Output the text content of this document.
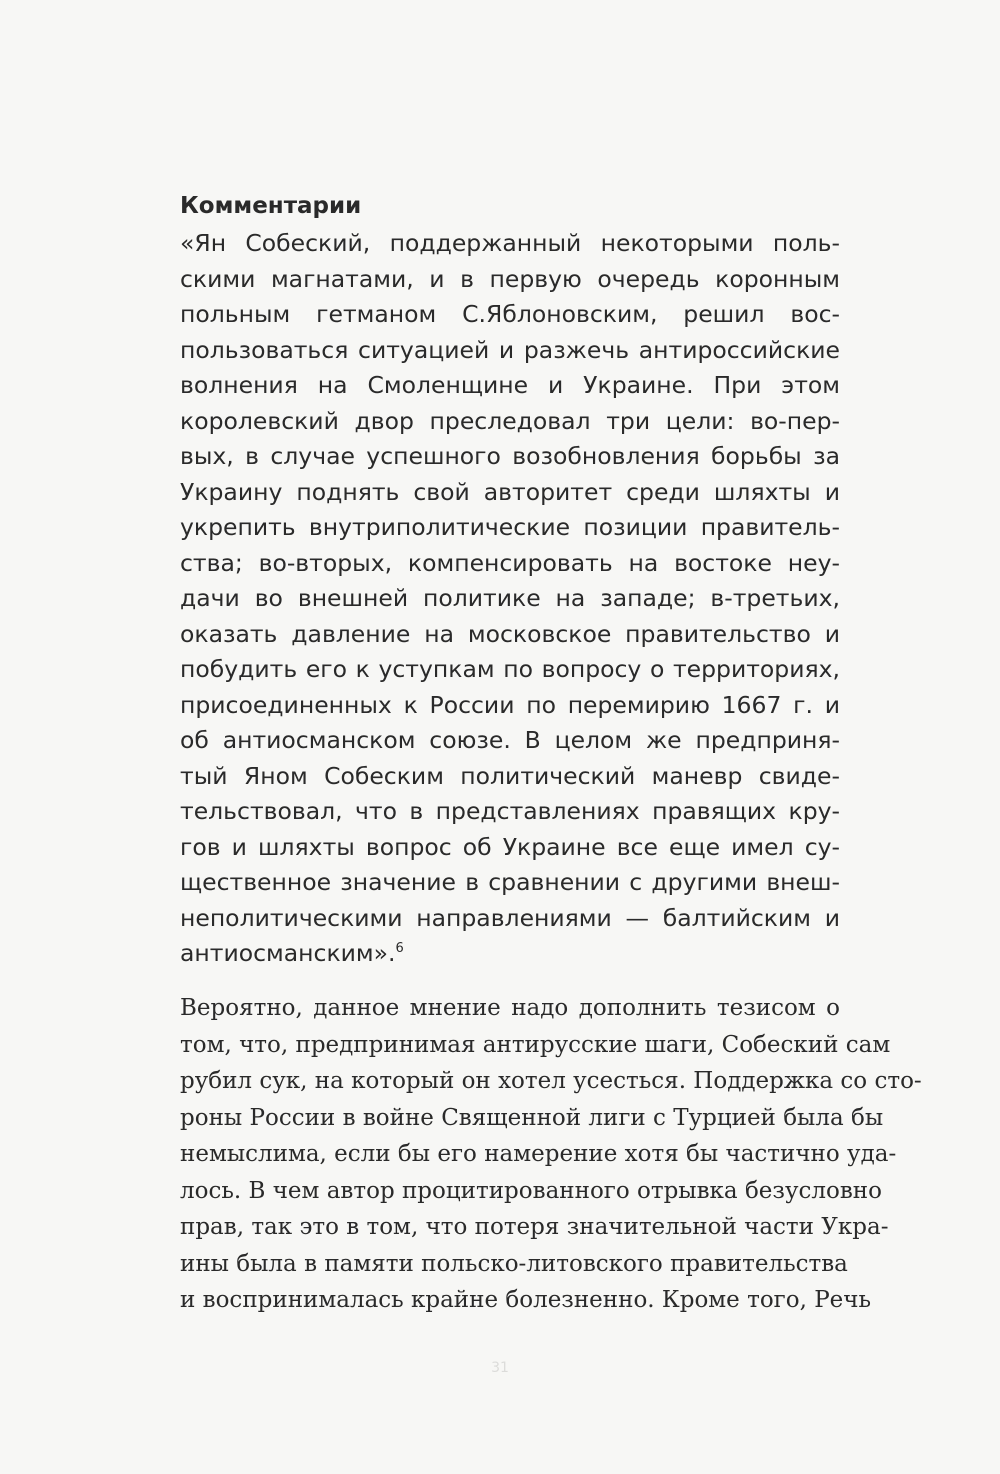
Комментарии
«Ян Собеский, поддержанный некоторыми поль-
скими магнатами, и в первую очередь коронным
польным гетманом С.Яблоновским, решил вос-
пользоваться ситуацией и разжечь антироссийские
волнения на Смоленщине и Украине. При этом
королевский двор преследовал три цели: во-пер-
вых, в случае успешного возобновления борьбы за
Украину поднять свой авторитет среди шляхты и
укрепить внутриполитические позиции правитель-
ства; во-вторых, компенсировать на востоке неу-
дачи во внешней политике на западе; в-третьих,
оказать давление на московское правительство и
побудить его к уступкам по вопросу о территориях,
присоединенных к России по перемирию 1667 г. и
об антиосманском союзе. В целом же предприня-
тый Яном Собеским политический маневр свиде-
тельствовал, что в представлениях правящих кру-
гов и шляхты вопрос об Украине все еще имел су-
щественное значение в сравнении с другими внеш-
неполитическими направлениями — балтийским и
антиосманским».$^6$
Вероятно, данное мнение надо дополнить тезисом о
том, что, предпринимая антирусские шаги, Собеский сам
рубил сук, на который он хотел усесться. Поддержка со сто-
роны России в войне Священной лиги с Турцией была бы
немыслима, если бы его намерение хотя бы частично уда-
лось. В чем автор процитированного отрывка безусловно
прав, так это в том, что потеря значительной части Укра-
ины была в памяти польско-литовского правительства
и воспринималась крайне болезненно. Кроме того, Речь
31
